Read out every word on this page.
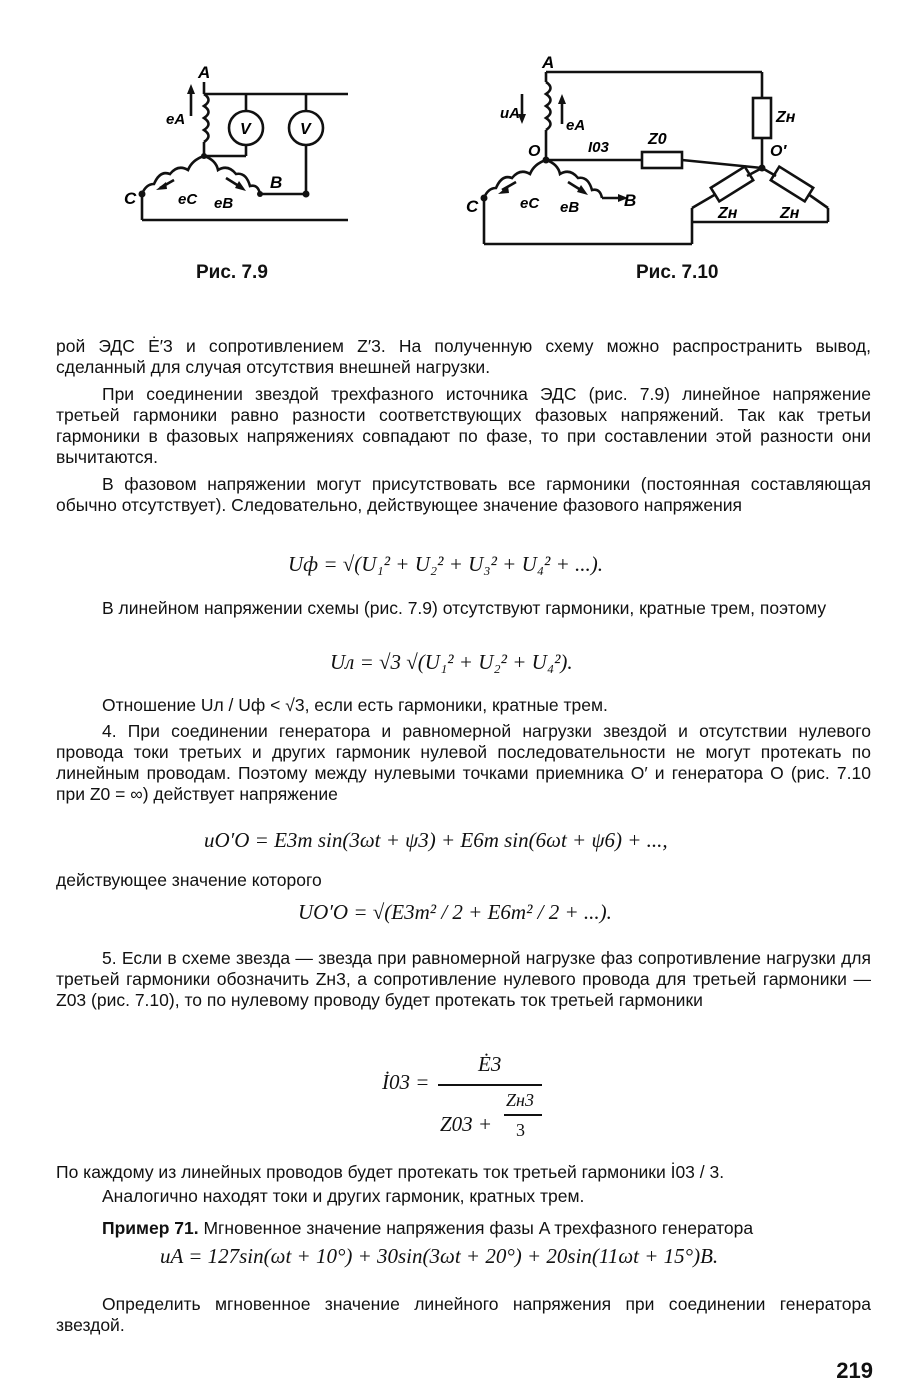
A
eA
V	V
C	eC eB
B
Рис. 7.9
A
uA
eA
I03 Z0
O
Zн
O′
C	eC eB	B
Zн	Zн
Рис. 7.10
рой ЭДС Ė′3 и сопротивлением Z′3. На полученную схему можно распространить вывод, сделанный для случая отсутствия внешней нагрузки.
При соединении звездой трехфазного источника ЭДС (рис. 7.9) линейное напряжение третьей гармоники равно разности соответствующих фазовых напряжений. Так как третьи гармоники в фазовых напряжениях совпадают по фазе, то при составлении этой разности они вычитаются.
В фазовом напряжении могут присутствовать все гармоники (постоянная составляющая обычно отсутствует). Следовательно, действующее значение фазового напряжения
Uф = √(U₁² + U₂² + U₃² + U₄² + ...).
В линейном напряжении схемы (рис. 7.9) отсутствуют гармоники, кратные трем, поэтому
Uл = √3 √(U₁² + U₂² + U₄²).
Отношение Uл / Uф < √3, если есть гармоники, кратные трем.
4. При соединении генератора и равномерной нагрузки звездой и отсутствии нулевого провода токи третьих и других гармоник нулевой последовательности не могут протекать по линейным проводам. Поэтому между нулевыми точками приемника O′ и генератора O (рис. 7.10 при Z0 = ∞) действует напряжение
uO′O = E3m sin(3ωt + ψ3) + E6m sin(6ωt + ψ6) + ...,
действующее значение которого
UO′O = √(E3m² / 2 + E6m² / 2 + ...).
5. Если в схеме звезда — звезда при равномерной нагрузке фаз сопротивление нагрузки для третьей гармоники обозначить Zн3, а сопротивление нулевого провода для третьей гармоники — Z03 (рис. 7.10), то по нулевому проводу будет протекать ток третьей гармоники
İ03 =
Ė3
Z03 +
Zн3
3
По каждому из линейных проводов будет протекать ток третьей гармоники İ03 / 3.
Аналогично находят токи и других гармоник, кратных трем.
Пример 71. Мгновенное значение напряжения фазы A трехфазного генератора
uA = 127sin(ωt + 10°) + 30sin(3ωt + 20°) + 20sin(11ωt + 15°)B.
Определить мгновенное значение линейного напряжения при соединении генератора звездой.
219
